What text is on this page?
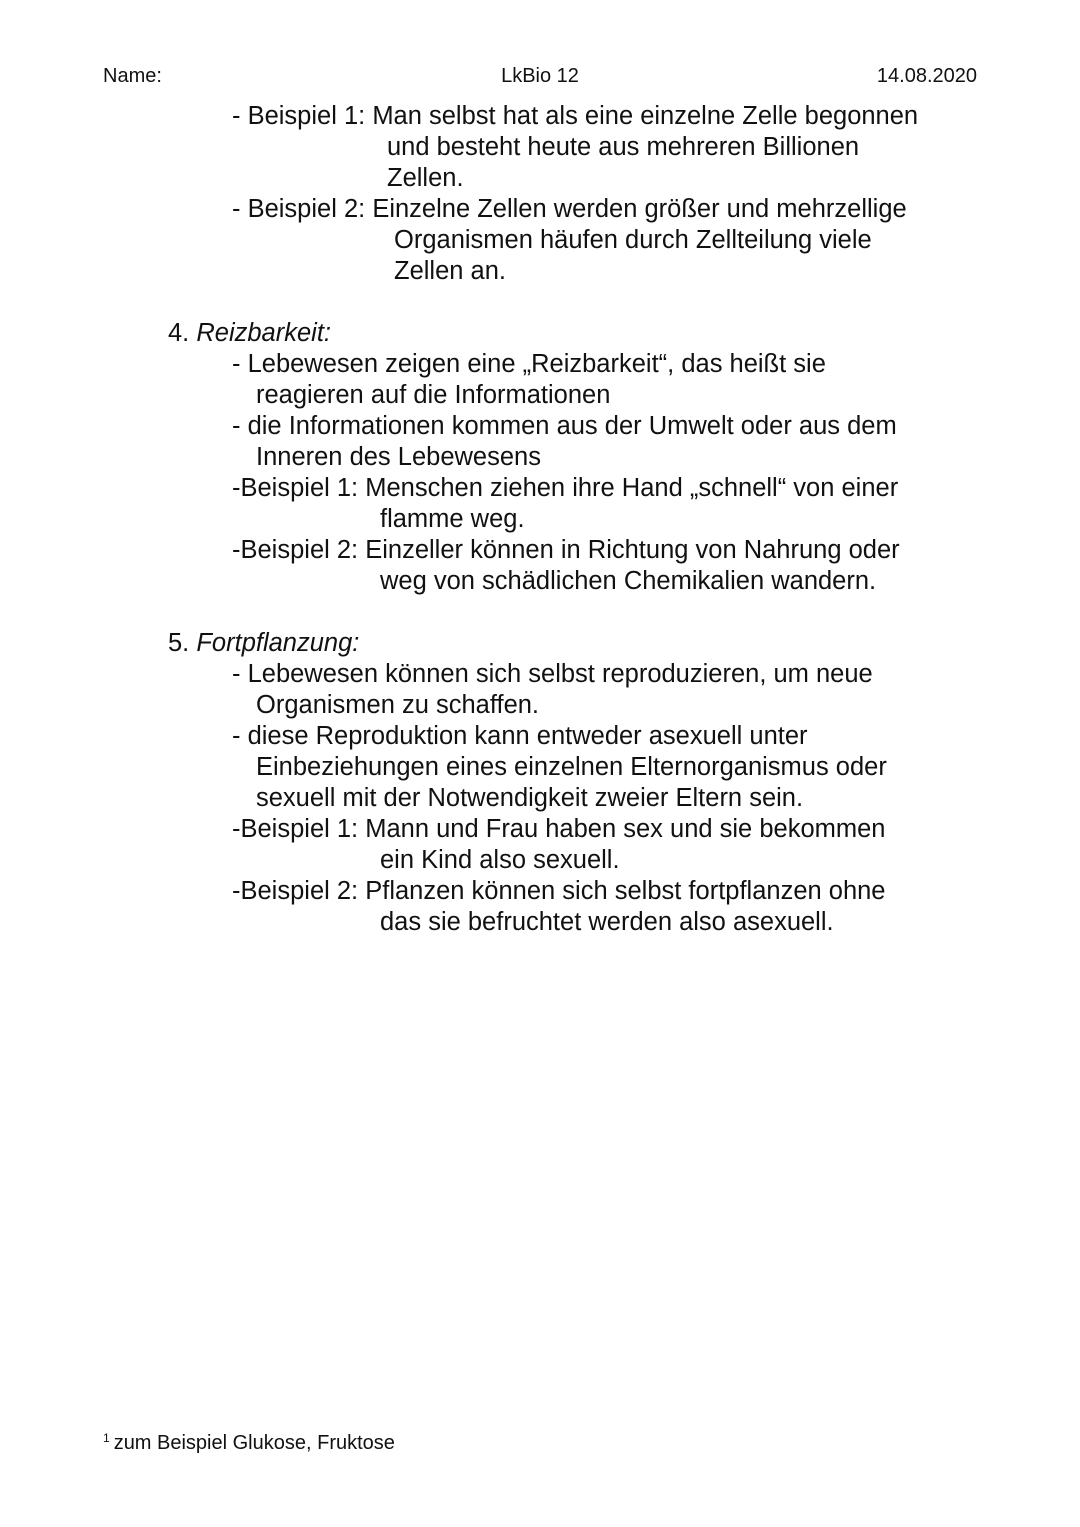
Name:	LkBio 12	14.08.2020
- Beispiel 1: Man selbst hat als eine einzelne Zelle begonnen
und besteht heute aus mehreren Billionen
Zellen.
- Beispiel 2: Einzelne Zellen werden größer und mehrzellige
Organismen häufen durch Zellteilung viele
Zellen an.
4. Reizbarkeit:
- Lebewesen zeigen eine „Reizbarkeit“, das heißt sie
reagieren auf die Informationen
- die Informationen kommen aus der Umwelt oder aus dem
Inneren des Lebewesens
-Beispiel 1: Menschen ziehen ihre Hand „schnell“ von einer
flamme weg.
-Beispiel 2: Einzeller können in Richtung von Nahrung oder
weg von schädlichen Chemikalien wandern.
5. Fortpflanzung:
- Lebewesen können sich selbst reproduzieren, um neue
Organismen zu schaffen.
- diese Reproduktion kann entweder asexuell unter
Einbeziehungen eines einzelnen Elternorganismus oder
sexuell mit der Notwendigkeit zweier Eltern sein.
-Beispiel 1: Mann und Frau haben sex und sie bekommen
ein Kind also sexuell.
-Beispiel 2: Pflanzen können sich selbst fortpflanzen ohne
das sie befruchtet werden also asexuell.
$^1$ zum Beispiel Glukose, Fruktose
